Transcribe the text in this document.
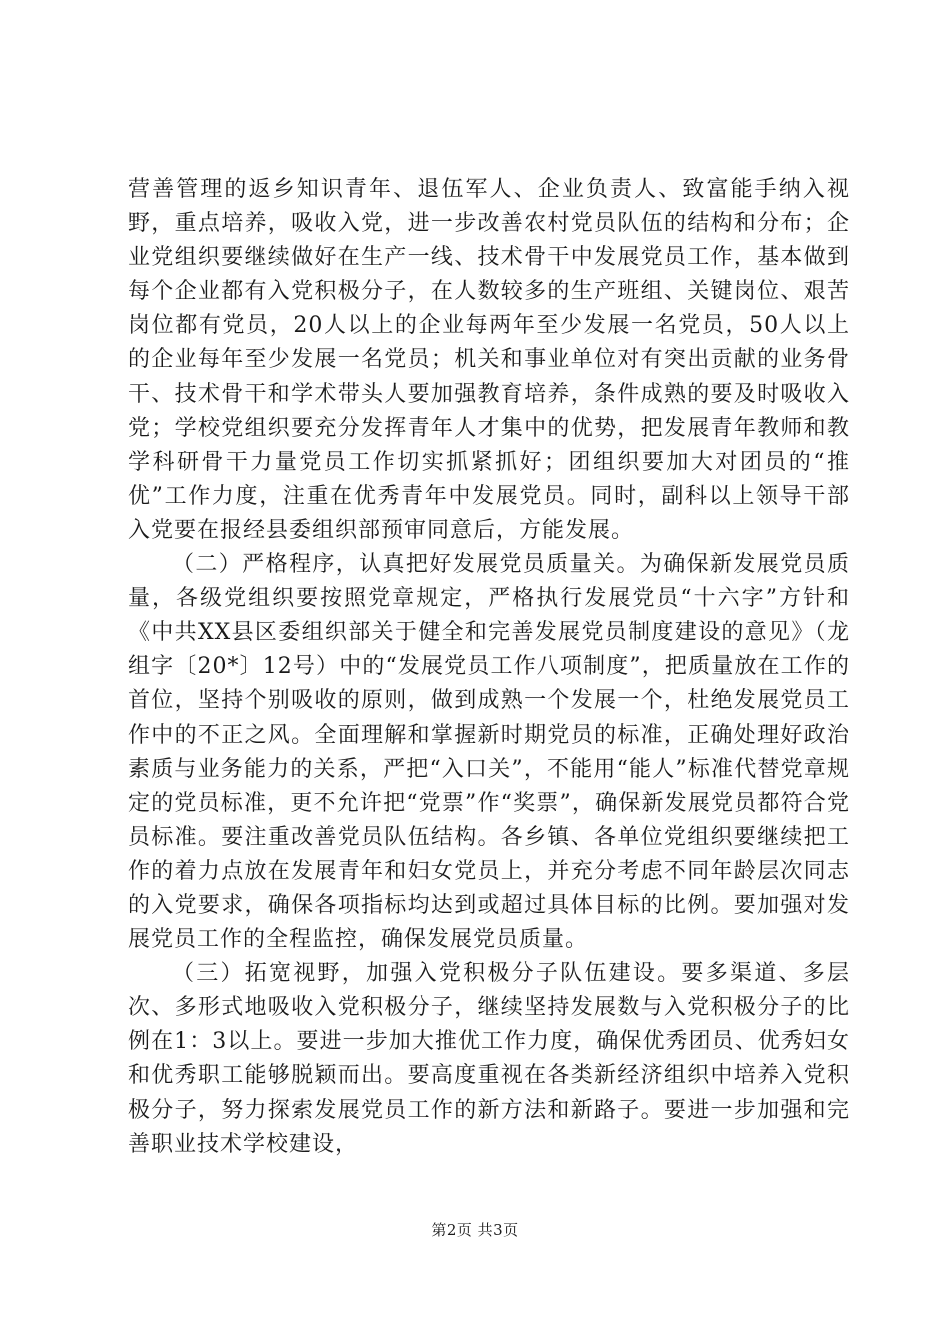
营善管理的返乡知识青年、退伍军人、企业负责人、致富能手纳入视野，重点培养，吸收入党，进一步改善农村党员队伍的结构和分布；企业党组织要继续做好在生产一线、技术骨干中发展党员工作，基本做到每个企业都有入党积极分子，在人数较多的生产班组、关键岗位、艰苦岗位都有党员，20人以上的企业每两年至少发展一名党员，50人以上的企业每年至少发展一名党员；机关和事业单位对有突出贡献的业务骨干、技术骨干和学术带头人要加强教育培养，条件成熟的要及时吸收入党；学校党组织要充分发挥青年人才集中的优势，把发展青年教师和教学科研骨干力量党员工作切实抓紧抓好；团组织要加大对团员的“推优”工作力度，注重在优秀青年中发展党员。同时，副科以上领导干部入党要在报经县委组织部预审同意后，方能发展。

（二）严格程序，认真把好发展党员质量关。为确保新发展党员质量，各级党组织要按照党章规定，严格执行发展党员“十六字”方针和《中共XX县区委组织部关于健全和完善发展党员制度建设的意见》（龙组字〔20*〕12号）中的“发展党员工作八项制度”，把质量放在工作的首位，坚持个别吸收的原则，做到成熟一个发展一个，杜绝发展党员工作中的不正之风。全面理解和掌握新时期党员的标准，正确处理好政治素质与业务能力的关系，严把“入口关”，不能用“能人”标准代替党章规定的党员标准，更不允许把“党票”作“奖票”，确保新发展党员都符合党员标准。要注重改善党员队伍结构。各乡镇、各单位党组织要继续把工作的着力点放在发展青年和妇女党员上，并充分考虑不同年龄层次同志的入党要求，确保各项指标均达到或超过具体目标的比例。要加强对发展党员工作的全程监控，确保发展党员质量。

（三）拓宽视野，加强入党积极分子队伍建设。要多渠道、多层次、多形式地吸收入党积极分子，继续坚持发展数与入党积极分子的比例在1：3以上。要进一步加大推优工作力度，确保优秀团员、优秀妇女和优秀职工能够脱颖而出。要高度重视在各类新经济组织中培养入党积极分子，努力探索发展党员工作的新方法和新路子。要进一步加强和完善职业技术学校建设，

第2页 共3页
